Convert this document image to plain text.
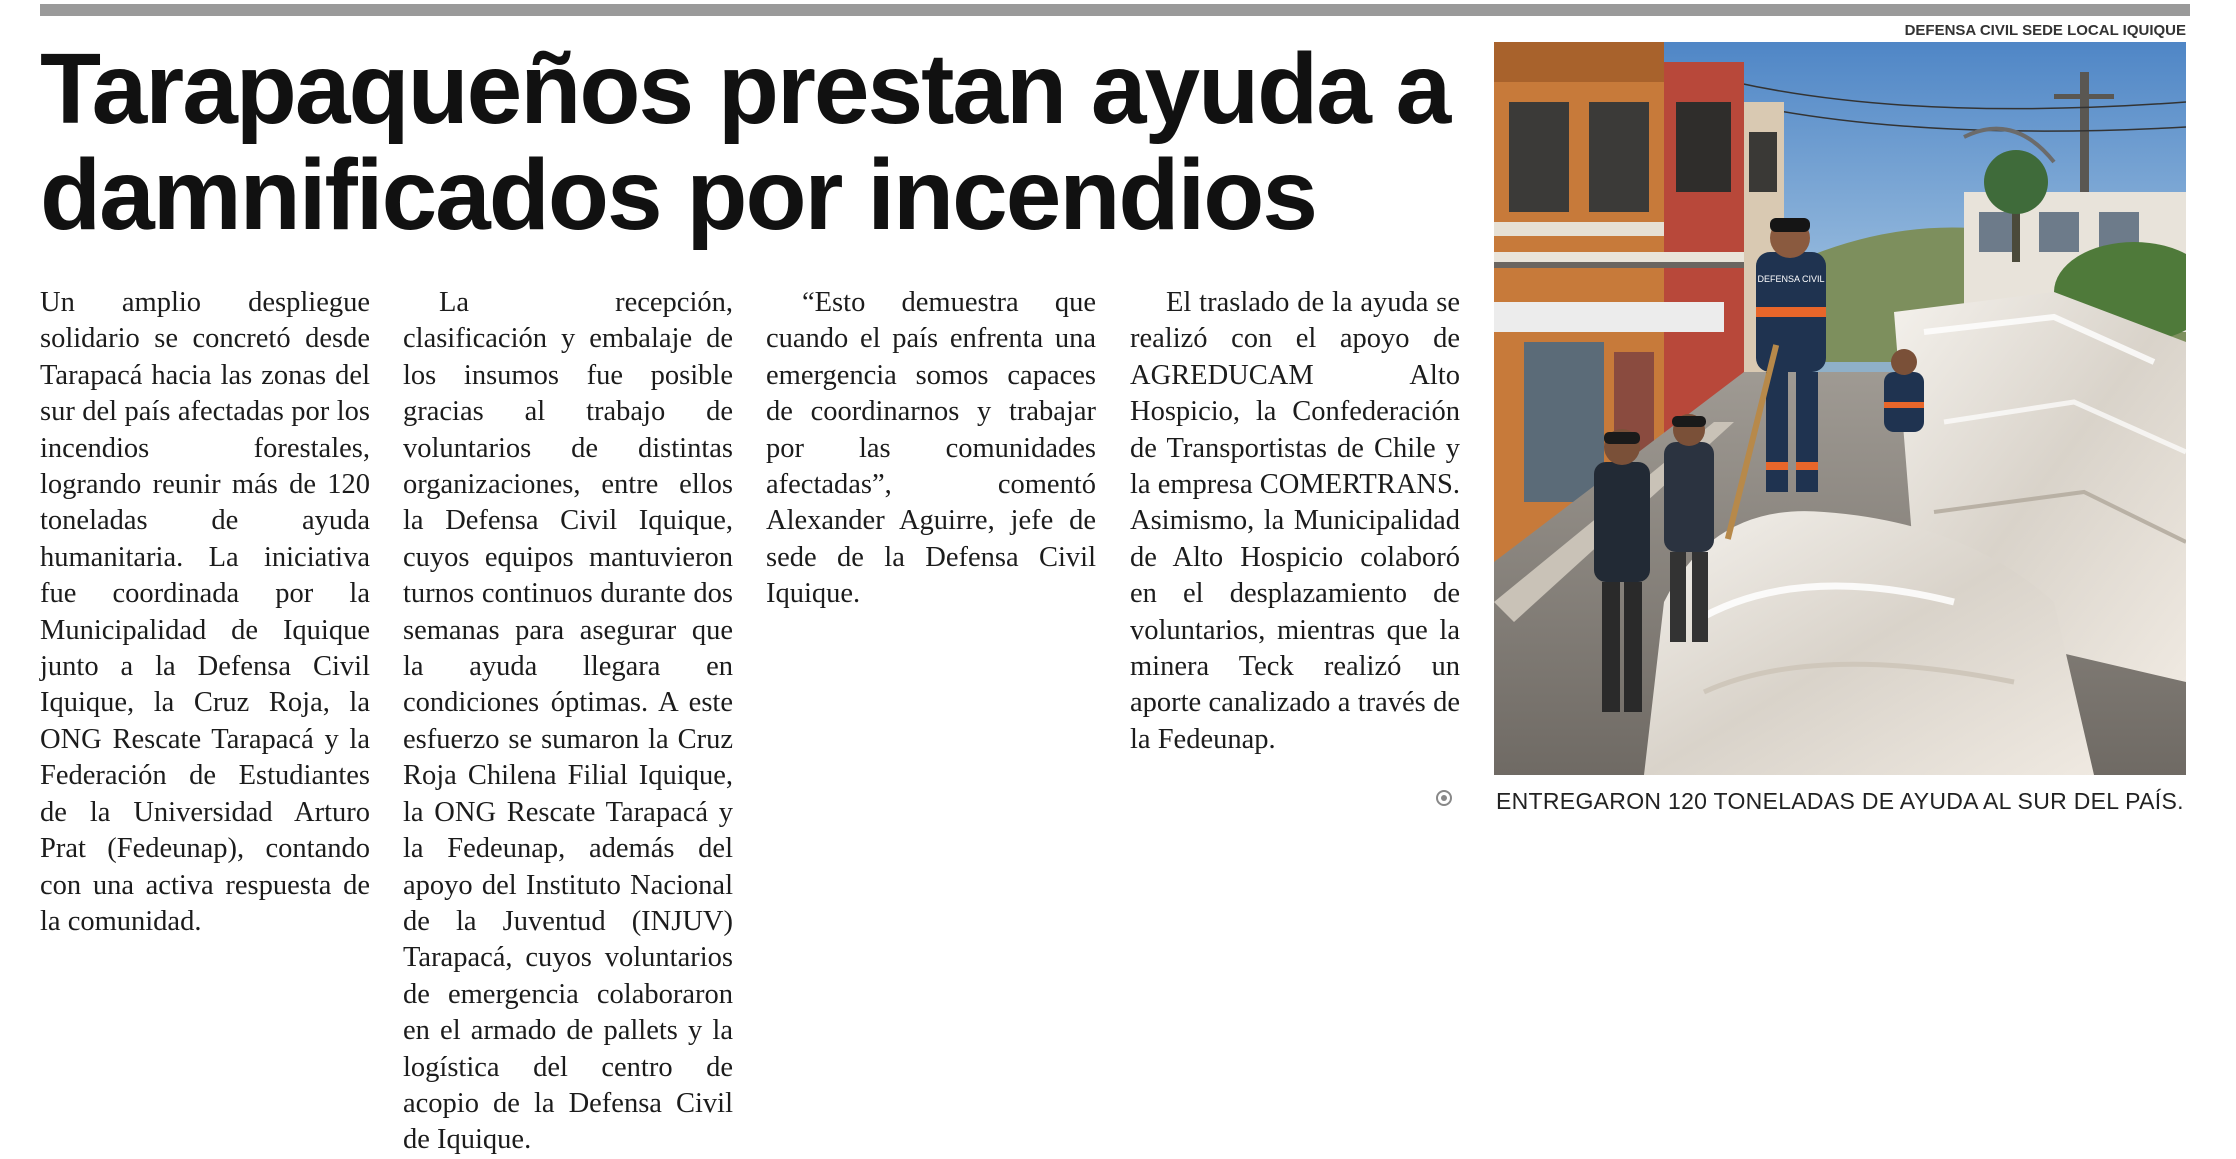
Tarapaqueños prestan ayuda a damnificados por incendios

Un amplio despliegue solidario se concretó desde Tarapacá hacia las zonas del sur del país afectadas por los incendios forestales, logrando reunir más de 120 toneladas de ayuda humanitaria. La iniciativa fue coordinada por la Municipalidad de Iquique junto a la Defensa Civil Iquique, la Cruz Roja, la ONG Rescate Tarapacá y la Federación de Estudiantes de la Universidad Arturo Prat (Fedeunap), contando con una activa respuesta de la comunidad.

La recepción, clasificación y embalaje de los insumos fue posible gracias al trabajo de voluntarios de distintas organizaciones, entre ellos la Defensa Civil Iquique, cuyos equipos mantuvieron turnos continuos durante dos semanas para asegurar que la ayuda llegara en condiciones óptimas. A este esfuerzo se sumaron la Cruz Roja Chilena Filial Iquique, la ONG Rescate Tarapacá y la Fedeunap, además del apoyo del Instituto Nacional de la Juventud (INJUV) Tarapacá, cuyos voluntarios de emergencia colaboraron en el armado de pallets y la logística del centro de acopio de la Defensa Civil de Iquique.

“Esto demuestra que cuando el país enfrenta una emergencia somos capaces de coordinarnos y trabajar por las comunidades afectadas”, comentó Alexander Aguirre, jefe de sede de la Defensa Civil Iquique.

El traslado de la ayuda se realizó con el apoyo de AGREDUCAM Alto Hospicio, la Confederación de Transportistas de Chile y la empresa COMERTRANS. Asimismo, la Municipalidad de Alto Hospicio colaboró en el desplazamiento de voluntarios, mientras que la minera Teck realizó un aporte canalizado a través de la Fedeunap.

DEFENSA CIVIL SEDE LOCAL IQUIQUE
DEFENSA CIVIL
ENTREGARON 120 TONELADAS DE AYUDA AL SUR DEL PAÍS.
